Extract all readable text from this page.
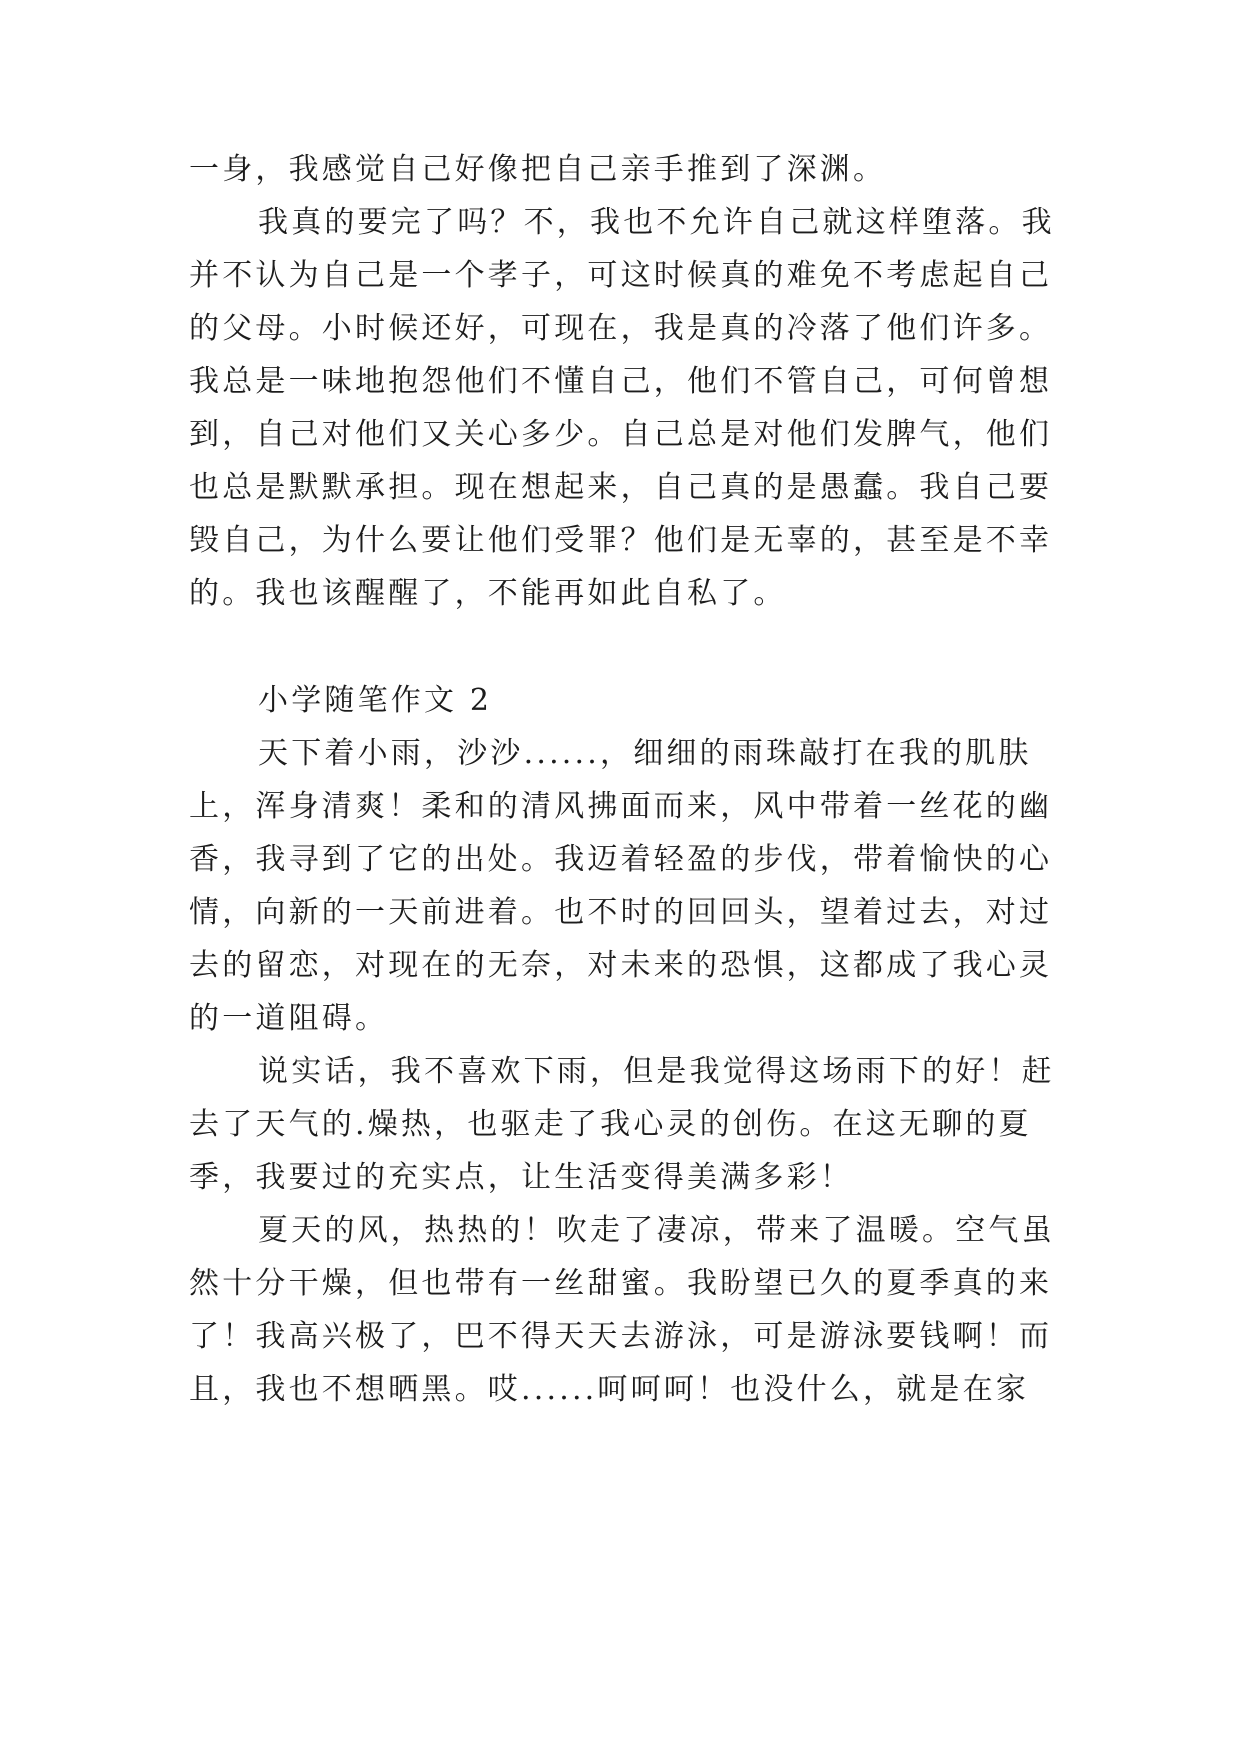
一身，我感觉自己好像把自己亲手推到了深渊。
我真的要完了吗？不，我也不允许自己就这样堕落。我
并不认为自己是一个孝子，可这时候真的难免不考虑起自己
的父母。小时候还好，可现在，我是真的冷落了他们许多。
我总是一味地抱怨他们不懂自己，他们不管自己，可何曾想
到，自己对他们又关心多少。自己总是对他们发脾气，他们
也总是默默承担。现在想起来，自己真的是愚蠢。我自己要
毁自己，为什么要让他们受罪？他们是无辜的，甚至是不幸
的。我也该醒醒了，不能再如此自私了。
小学随笔作文 2
天下着小雨，沙沙......，细细的雨珠敲打在我的肌肤
上，浑身清爽！柔和的清风拂面而来，风中带着一丝花的幽
香，我寻到了它的出处。我迈着轻盈的步伐，带着愉快的心
情，向新的一天前进着。也不时的回回头，望着过去，对过
去的留恋，对现在的无奈，对未来的恐惧，这都成了我心灵
的一道阻碍。
说实话，我不喜欢下雨，但是我觉得这场雨下的好！赶
去了天气的.燥热，也驱走了我心灵的创伤。在这无聊的夏
季，我要过的充实点，让生活变得美满多彩！
夏天的风，热热的！吹走了凄凉，带来了温暖。空气虽
然十分干燥，但也带有一丝甜蜜。我盼望已久的夏季真的来
了！我高兴极了，巴不得天天去游泳，可是游泳要钱啊！而
且，我也不想晒黑。哎......呵呵呵！也没什么，就是在家
